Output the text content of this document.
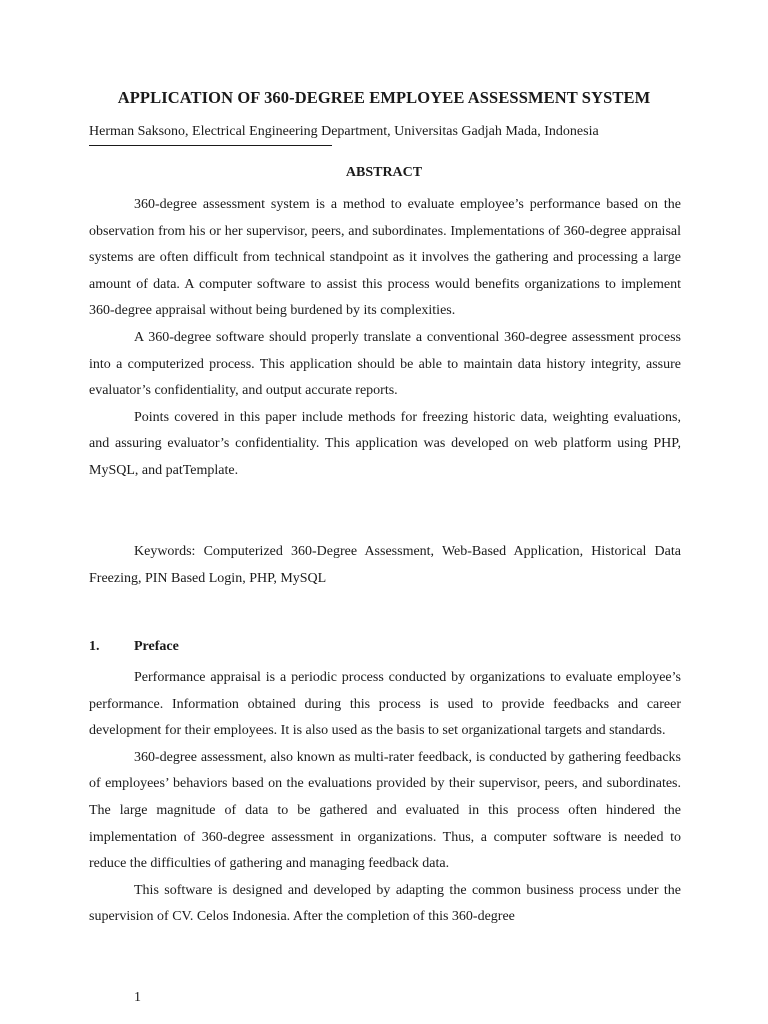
APPLICATION OF 360-DEGREE EMPLOYEE ASSESSMENT SYSTEM
Herman Saksono, Electrical Engineering Department, Universitas Gadjah Mada, Indonesia
ABSTRACT

360-degree assessment system is a method to evaluate employee’s performance based on the observation from his or her supervisor, peers, and subordinates. Implementations of 360-degree appraisal systems are often difficult from technical standpoint as it involves the gathering and processing a large amount of data. A computer software to assist this process would benefits organizations to implement 360-degree appraisal without being burdened by its complexities.

A 360-degree software should properly translate a conventional 360-degree assessment process into a computerized process. This application should be able to maintain data history integrity, assure evaluator’s confidentiality, and output accurate reports.

Points covered in this paper include methods for freezing historic data, weighting evaluations, and assuring evaluator’s confidentiality. This application was developed on web platform using PHP, MySQL, and patTemplate.

Keywords: Computerized 360-Degree Assessment, Web-Based Application, Historical Data Freezing, PIN Based Login, PHP, MySQL

1. Preface

Performance appraisal is a periodic process conducted by organizations to evaluate employee’s performance. Information obtained during this process is used to provide feedbacks and career development for their employees. It is also used as the basis to set organizational targets and standards.

360-degree assessment, also known as multi-rater feedback, is conducted by gathering feedbacks of employees’ behaviors based on the evaluations provided by their supervisor, peers, and subordinates. The large magnitude of data to be gathered and evaluated in this process often hindered the implementation of 360-degree assessment in organizations. Thus, a computer software is needed to reduce the difficulties of gathering and managing feedback data.

This software is designed and developed by adapting the common business process under the supervision of CV. Celos Indonesia. After the completion of this 360-degree

1
